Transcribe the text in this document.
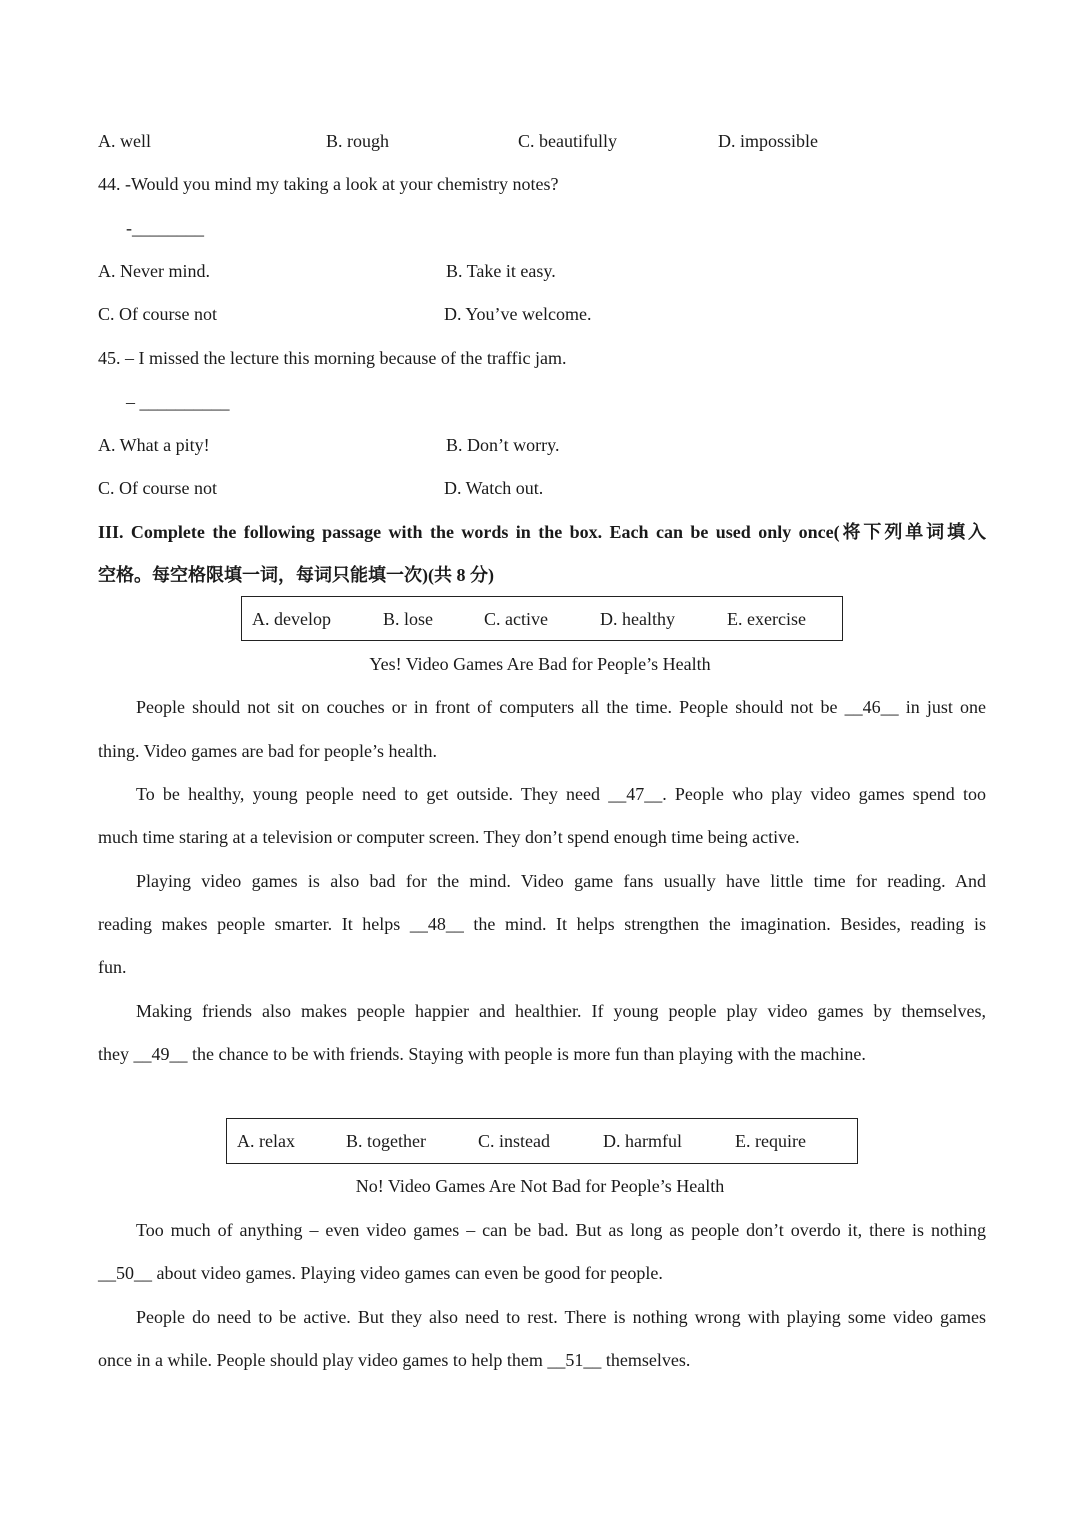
A. well	B. rough	C. beautifully	D. impossible
44. -Would you mind my taking a look at your chemistry notes?
-________
A. Never mind.	B. Take it easy.
C. Of course not	D. You’ve welcome.
45. – I missed the lecture this morning because of the traffic jam.
– __________
A. What a pity!	B. Don’t worry.
C. Of course not	D. Watch out.
III. Complete the following passage with the words in the box. Each can be used only once(将下列单词填入
空格。每空格限填一词，每词只能填一次)(共 8 分)
A. develop	B. lose	C. active	D. healthy	E. exercise
Yes! Video Games Are Bad for People’s Health
People should not sit on couches or in front of computers all the time. People should not be __46__ in just one
thing. Video games are bad for people’s health.
To be healthy, young people need to get outside. They need __47__. People who play video games spend too
much time staring at a television or computer screen. They don’t spend enough time being active.
Playing video games is also bad for the mind. Video game fans usually have little time for reading. And
reading makes people smarter. It helps __48__ the mind. It helps strengthen the imagination. Besides, reading is
fun.
Making friends also makes people happier and healthier. If young people play video games by themselves,
they __49__ the chance to be with friends. Staying with people is more fun than playing with the machine.
A. relax	B. together	C. instead	D. harmful	E. require
No! Video Games Are Not Bad for People’s Health
Too much of anything – even video games – can be bad. But as long as people don’t overdo it, there is nothing
__50__ about video games. Playing video games can even be good for people.
People do need to be active. But they also need to rest. There is nothing wrong with playing some video games
once in a while. People should play video games to help them __51__ themselves.
